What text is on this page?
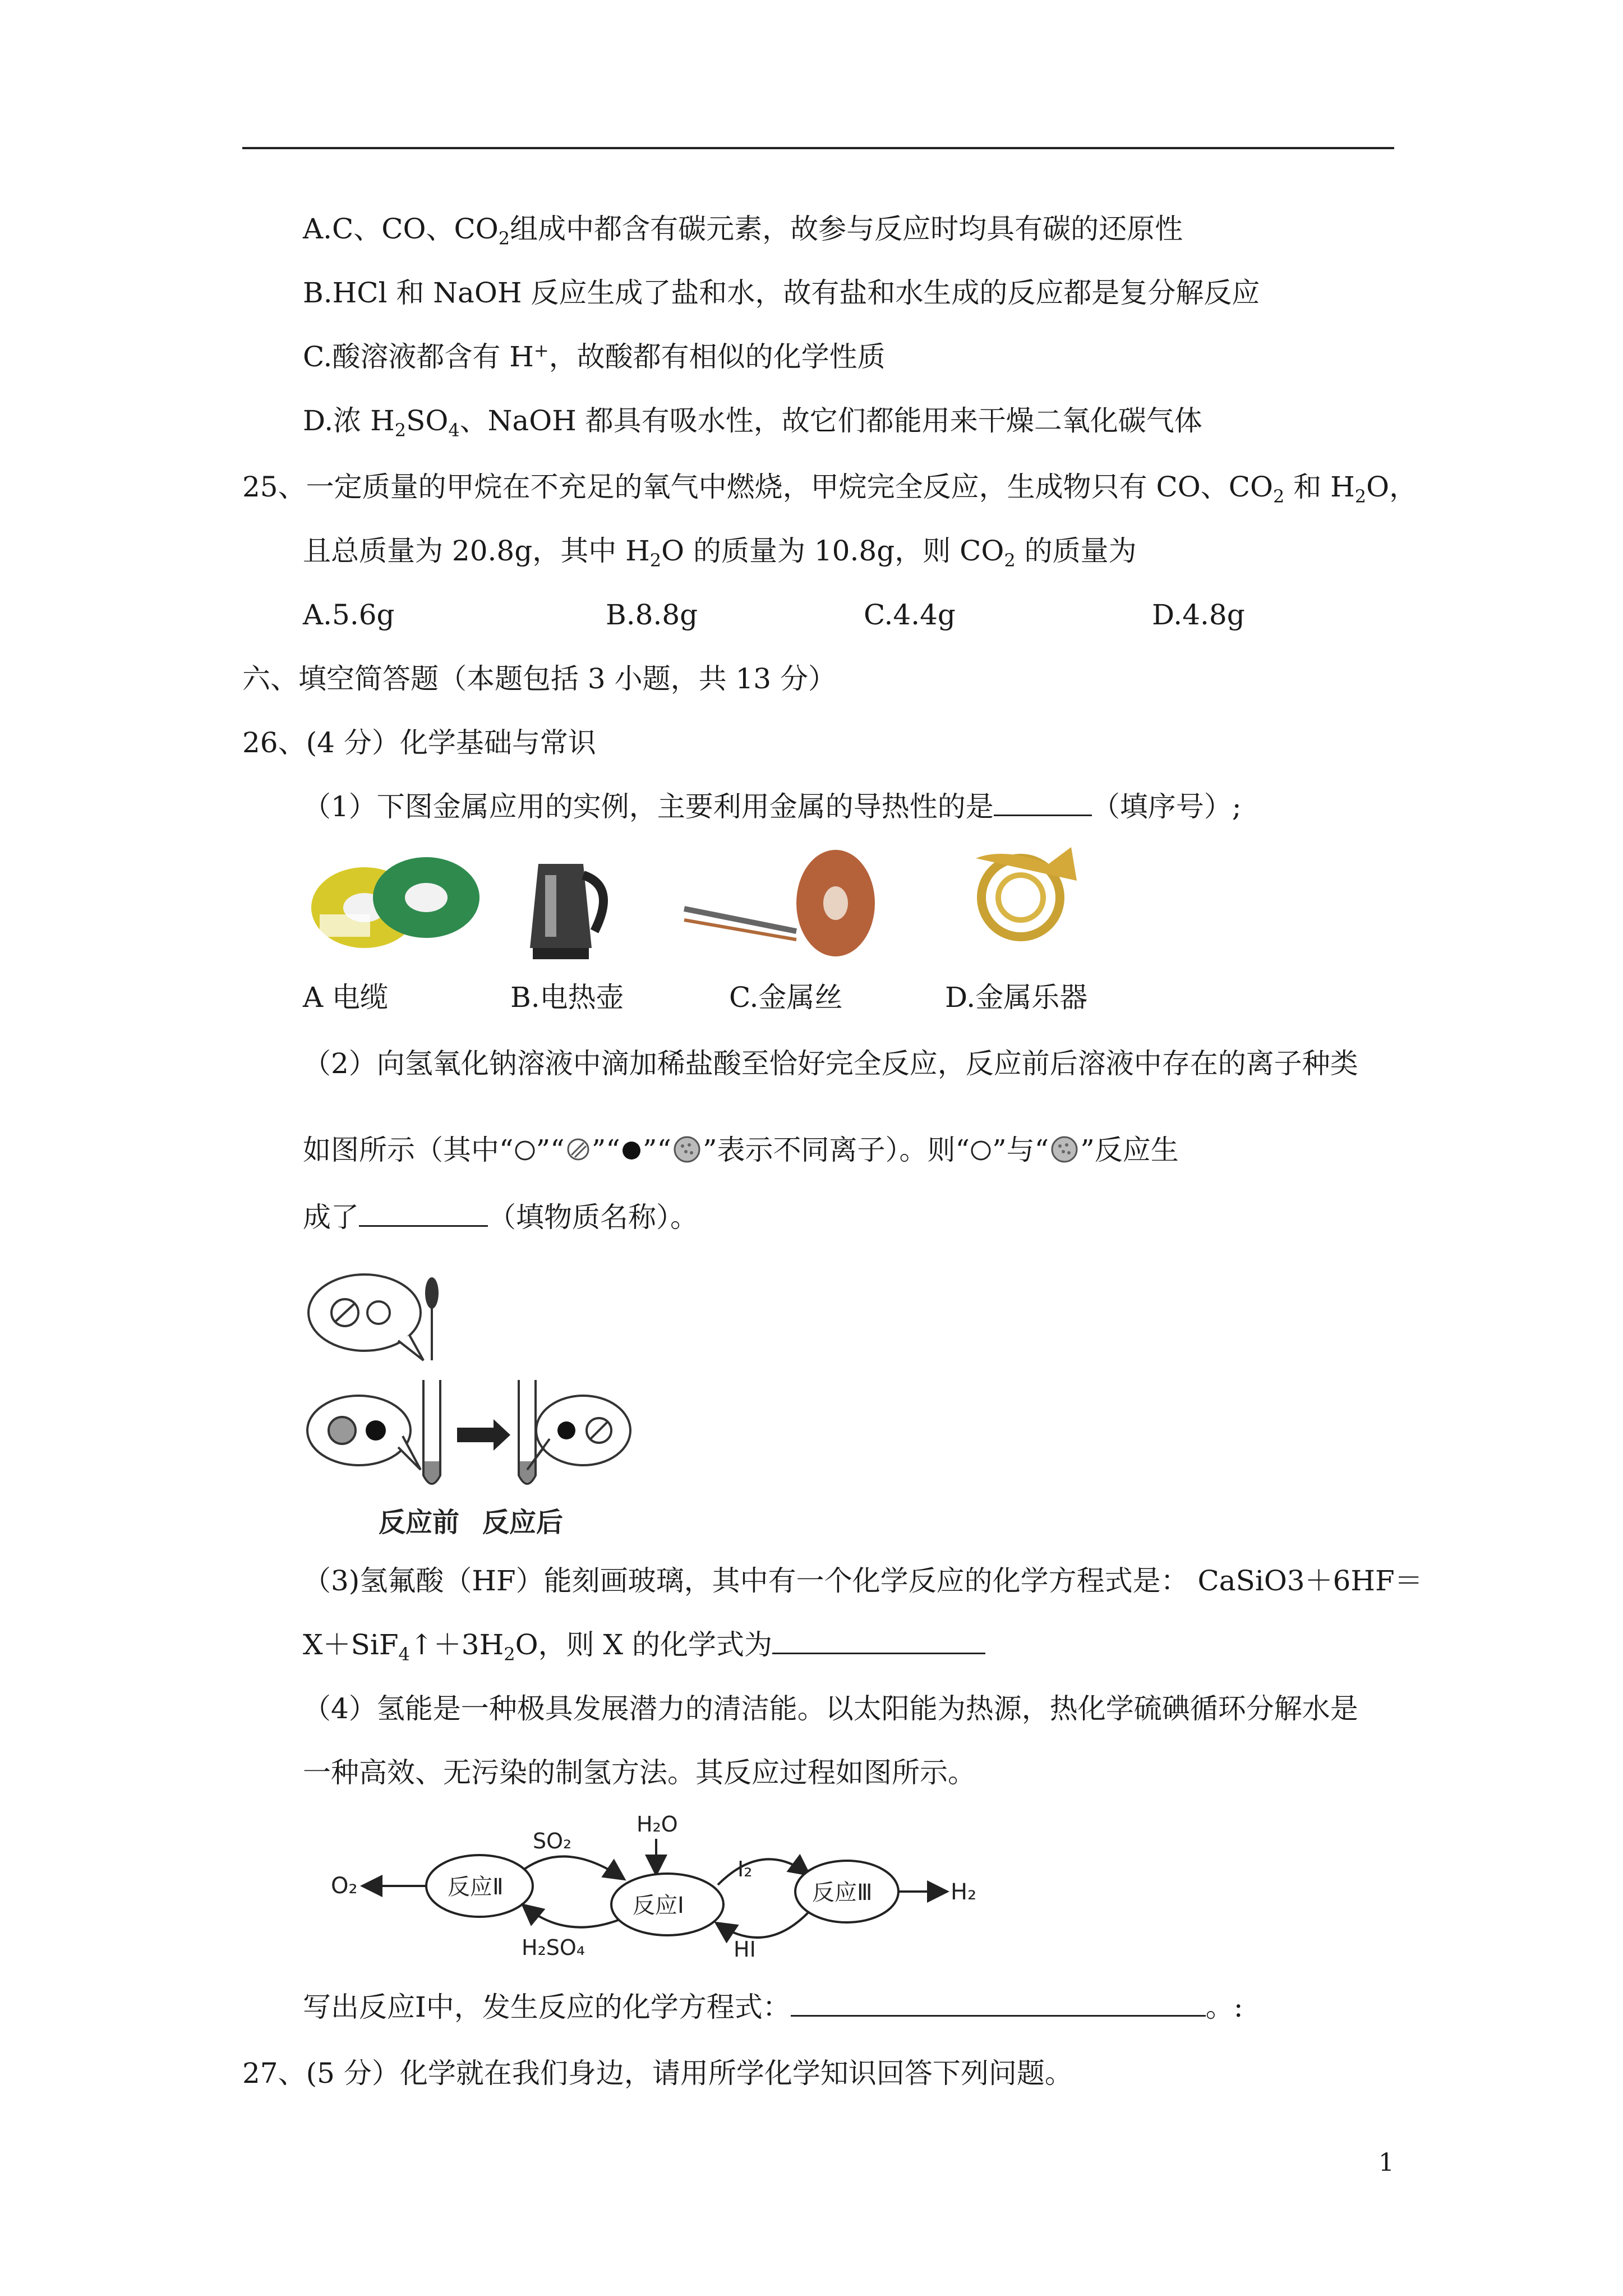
A.C、CO、$CO_2$组成中都含有碳元素，故参与反应时均具有碳的还原性
B.HCl 和 NaOH 反应生成了盐和水，故有盐和水生成的反应都是复分解反应
C.酸溶液都含有 H+，故酸都有相似的化学性质
D.浓 $H_2SO_4$、NaOH 都具有吸水性，故它们都能用来干燥二氧化碳气体
25、一定质量的甲烷在不充足的氧气中燃烧，甲烷完全反应，生成物只有 CO、$CO_2$ 和 $H_2O$，
且总质量为 20.8g，其中 $H_2O$ 的质量为 10.8g，则 $CO_2$ 的质量为
A.5.6g	B.8.8g	C.4.4g	D.4.8g
六、填空简答题（本题包括 3 小题，共 13 分）
26、(4 分）化学基础与常识
（1）下图金属应用的实例，主要利用金属的导热性的是	（填序号）;
A 电缆	B.电热壶	C.金属丝	D.金属乐器
（2）向氢氧化钠溶液中滴加稀盐酸至恰好完全反应，反应前后溶液中存在的离子种类
如图所示（其中“ ”“ ”“ ”“ ”表示不同离子）。则“ ”与“ ”反应生
成了	（填物质名称）。
反应前 反应后
（3)氢氟酸（HF）能刻画玻璃，其中有一个化学反应的化学方程式是： CaSiO3＋6HF＝
$X+SiF_4↑+3H_2O$，则 X 的化学式为
（4）氢能是一种极具发展潜力的清洁能。以太阳能为热源，热化学硫碘循环分解水是
一种高效、无污染的制氢方法。其反应过程如图所示。
O₂	反应Ⅱ
SO₂
H₂SO₄
H₂O
反应Ⅰ
I₂
HI
反应Ⅲ	H₂
写出反应Ⅰ中，发生反应的化学方程式：	。:
27、(5 分）化学就在我们身边，请用所学化学知识回答下列问题。
1
